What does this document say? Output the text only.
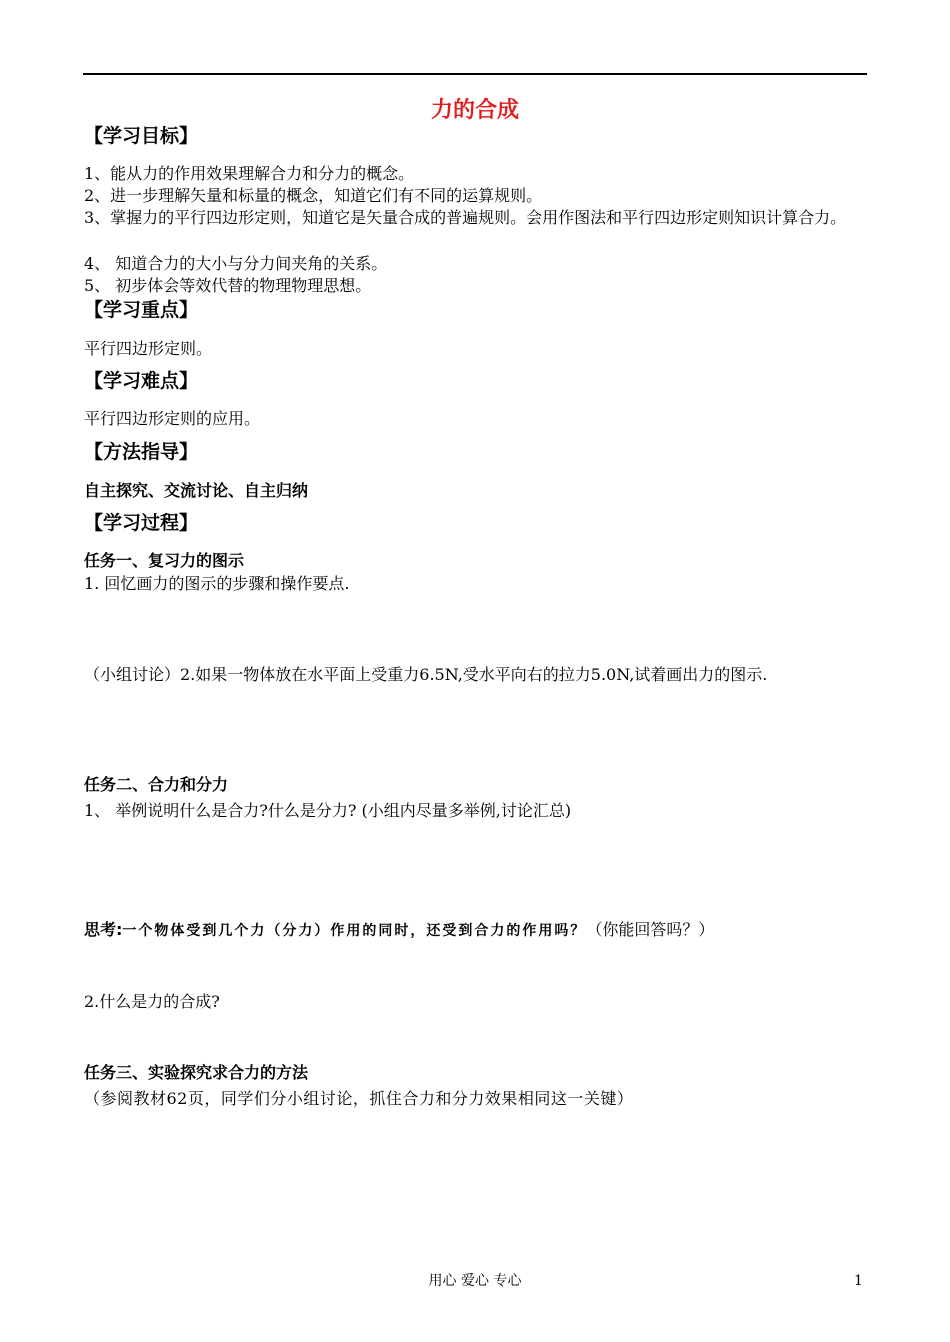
力的合成
【学习目标】
1、能从力的作用效果理解合力和分力的概念。
2、进一步理解矢量和标量的概念，知道它们有不同的运算规则。
3、掌握力的平行四边形定则，知道它是矢量合成的普遍规则。会用作图法和平行四边形定则知识计算合力。
4、 知道合力的大小与分力间夹角的关系。
5、 初步体会等效代替的物理物理思想。
【学习重点】
平行四边形定则。
【学习难点】
平行四边形定则的应用。
【方法指导】
自主探究、交流讨论、自主归纳
【学习过程】
任务一、复习力的图示
1. 回忆画力的图示的步骤和操作要点.
（小组讨论）2.如果一物体放在水平面上受重力6.5N,受水平向右的拉力5.0N,试着画出力的图示.
任务二、合力和分力
1、 举例说明什么是合力?什么是分力? (小组内尽量多举例,讨论汇总)
思考:一个物体受到几个力（分力）作用的同时，还受到合力的作用吗？（你能回答吗？）
2.什么是力的合成?
任务三、实验探究求合力的方法
（参阅教材62页，同学们分小组讨论，抓住合力和分力效果相同这一关键）
用心 爱心 专心	1
